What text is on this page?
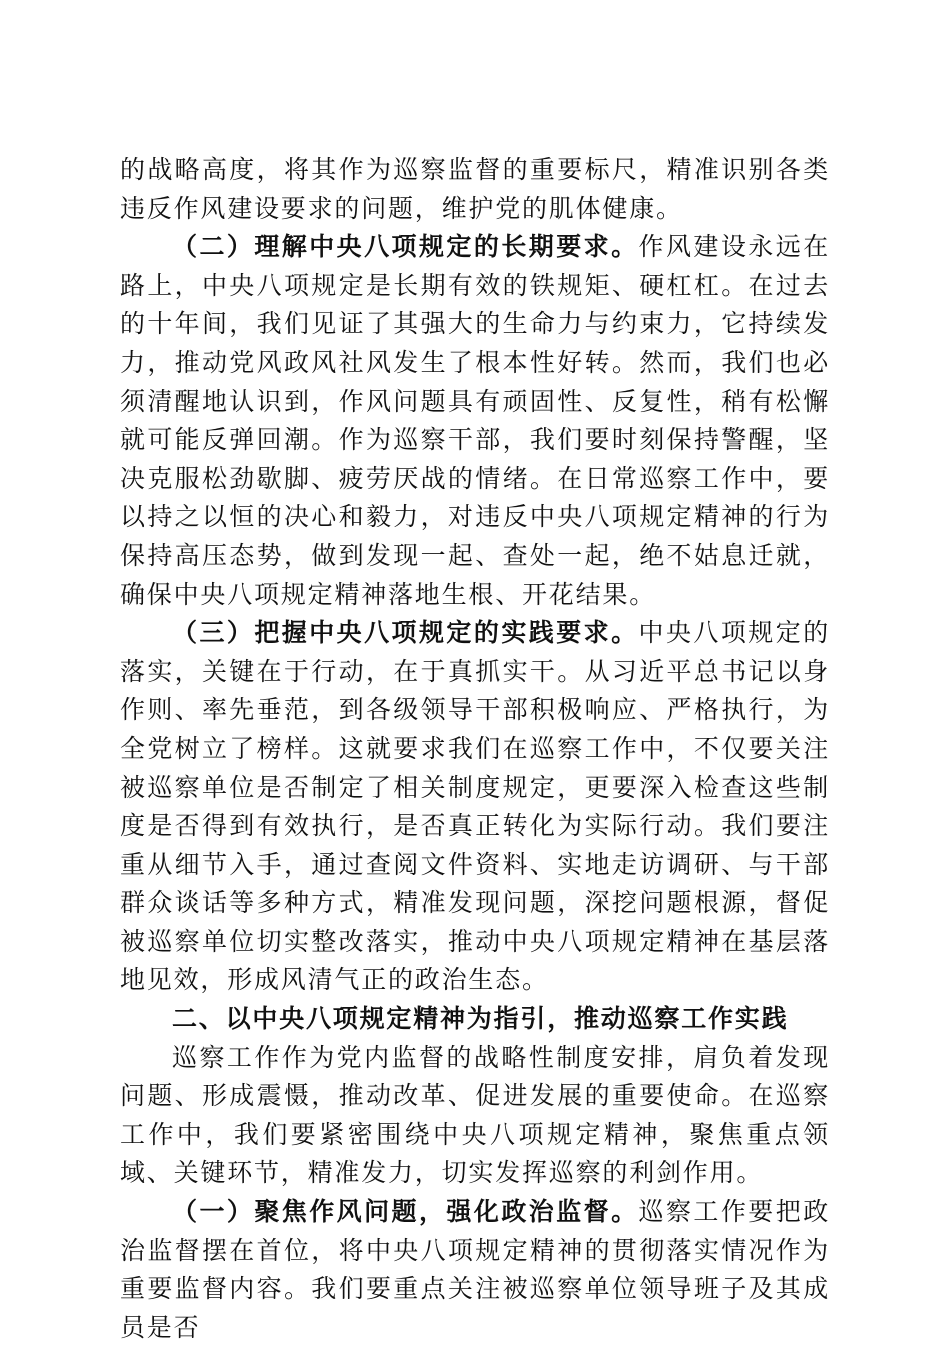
的战略高度，将其作为巡察监督的重要标尺，精准识别各类违反作风建设要求的问题，维护党的肌体健康。

（二）理解中央八项规定的长期要求。作风建设永远在路上，中央八项规定是长期有效的铁规矩、硬杠杠。在过去的十年间，我们见证了其强大的生命力与约束力，它持续发力，推动党风政风社风发生了根本性好转。然而，我们也必须清醒地认识到，作风问题具有顽固性、反复性，稍有松懈就可能反弹回潮。作为巡察干部，我们要时刻保持警醒，坚决克服松劲歇脚、疲劳厌战的情绪。在日常巡察工作中，要以持之以恒的决心和毅力，对违反中央八项规定精神的行为保持高压态势，做到发现一起、查处一起，绝不姑息迁就，确保中央八项规定精神落地生根、开花结果。

（三）把握中央八项规定的实践要求。中央八项规定的落实，关键在于行动，在于真抓实干。从习近平总书记以身作则、率先垂范，到各级领导干部积极响应、严格执行，为全党树立了榜样。这就要求我们在巡察工作中，不仅要关注被巡察单位是否制定了相关制度规定，更要深入检查这些制度是否得到有效执行，是否真正转化为实际行动。我们要注重从细节入手，通过查阅文件资料、实地走访调研、与干部群众谈话等多种方式，精准发现问题，深挖问题根源，督促被巡察单位切实整改落实，推动中央八项规定精神在基层落地见效，形成风清气正的政治生态。

二、以中央八项规定精神为指引，推动巡察工作实践

巡察工作作为党内监督的战略性制度安排，肩负着发现问题、形成震慑，推动改革、促进发展的重要使命。在巡察工作中，我们要紧密围绕中央八项规定精神，聚焦重点领域、关键环节，精准发力，切实发挥巡察的利剑作用。

（一）聚焦作风问题，强化政治监督。巡察工作要把政治监督摆在首位，将中央八项规定精神的贯彻落实情况作为重要监督内容。我们要重点关注被巡察单位领导班子及其成员是否
